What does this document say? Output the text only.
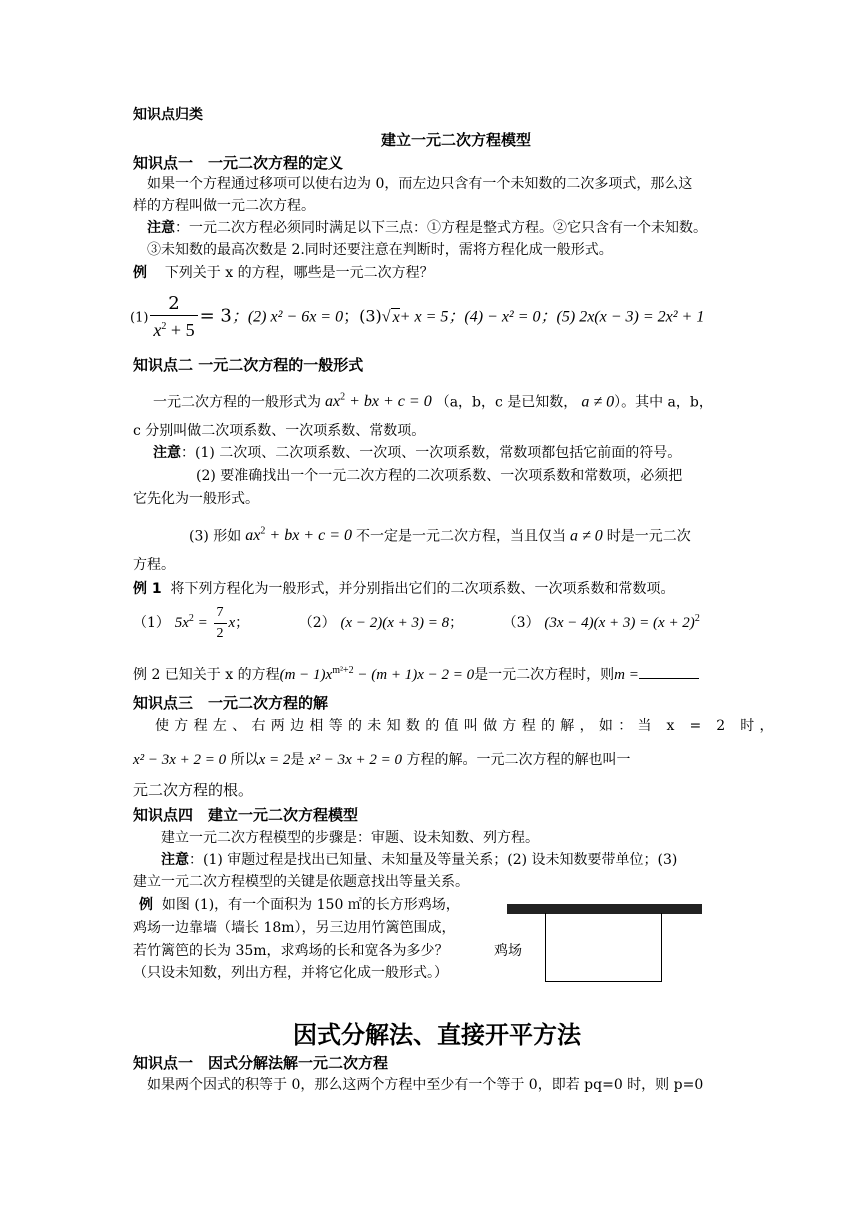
知识点归类
建立一元二次方程模型
知识点一　一元二次方程的定义
如果一个方程通过移项可以使右边为 0，而左边只含有一个未知数的二次多项式，那么这
样的方程叫做一元二次方程。
注意：一元二次方程必须同时满足以下三点：①方程是整式方程。②它只含有一个未知数。
③未知数的最高次数是 2.同时还要注意在判断时，需将方程化成一般形式。
例 下列关于 x 的方程，哪些是一元二次方程？
$(1) \frac{2}{x^2 + 5} = 3$；(2) x² − 6x = 0；(3)√ x+ x = 5；(4) − x² = 0；(5) 2x(x − 3) = 2x² + 1
知识点二 一元二次方程的一般形式
一元二次方程的一般形式为 $ax^2$ + bx + c = 0 （a，b，c 是已知数， a ≠ 0）。其中 a，b，
c 分别叫做二次项系数、一次项系数、常数项。
注意：(1) 二次项、二次项系数、一次项、一次项系数，常数项都包括它前面的符号。
(2) 要准确找出一个一元二次方程的二次项系数、一次项系数和常数项，必须把
它先化为一般形式。
(3) 形如 $ax^2$ + bx + c = 0 不一定是一元二次方程，当且仅当 a ≠ 0 时是一元二次
方程。
例 1 将下列方程化为一般形式，并分别指出它们的二次项系数、一次项系数和常数项。
（1） $5x^2 = \frac{7}{2}$ x；	（2） (x − 2)(x + 3) = 8；	（3） $(3x - 4)(x + 3) = (x + 2)^2$
例 2 已知关于 x 的方程$(m - 1)x^{m^2+2} - (m + 1)x - 2 = 0$是一元二次方程时，则m =
知识点三　一元二次方程的解
使方程左、右两边相等的未知数的值叫做方程的解，如：当 x = 2 时，
x² − 3x + 2 = 0 所以x = 2是 x² − 3x + 2 = 0 方程的解。一元二次方程的解也叫一
元二次方程的根。
知识点四　建立一元二次方程模型
建立一元二次方程模型的步骤是：审题、设未知数、列方程。
注意：(1) 审题过程是找出已知量、未知量及等量关系；(2) 设未知数要带单位；(3)
建立一元二次方程模型的关键是依题意找出等量关系。
例 如图 (1)，有一个面积为 150 ㎡的长方形鸡场，
鸡场一边靠墙（墙长 18m），另三边用竹篱笆围成，
若竹篱笆的长为 35m，求鸡场的长和宽各为多少？
（只设未知数，列出方程，并将它化成一般形式。）
鸡场
因式分解法、直接开平方法
知识点一　因式分解法解一元二次方程
如果两个因式的积等于 0，那么这两个方程中至少有一个等于 0，即若 pq=0 时，则 p=0
